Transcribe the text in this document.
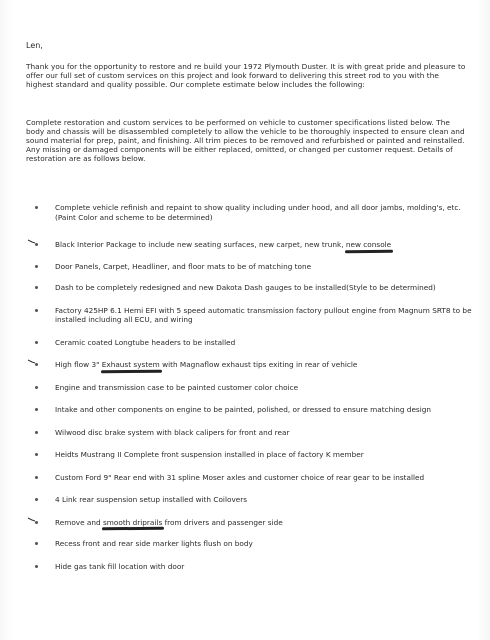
Len,
Thank you for the opportunity to restore and re build your 1972 Plymouth Duster. It is with great pride and pleasure to offer our full set of custom services on this project and look forward to delivering this street rod to you with the highest standard and quality possible. Our complete estimate below includes the following:
Complete restoration and custom services to be performed on vehicle to customer specifications listed below. The body and chassis will be disassembled completely to allow the vehicle to be thoroughly inspected to ensure clean and sound material for prep, paint, and finishing. All trim pieces to be removed and refurbished or painted and reinstalled. Any missing or damaged components will be either replaced, omitted, or changed per customer request. Details of restoration are as follows below.
Complete vehicle refinish and repaint to show quality including under hood, and all door jambs, molding's, etc. (Paint Color and scheme to be determined)
Black Interior Package to include new seating surfaces, new carpet, new trunk, new console
Door Panels, Carpet, Headliner, and floor mats to be of matching tone
Dash to be completely redesigned and new Dakota Dash gauges to be installed(Style to be determined)
Factory 425HP 6.1 Hemi EFI with 5 speed automatic transmission factory pullout engine from Magnum SRT8 to be installed including all ECU, and wiring
Ceramic coated Longtube headers to be installed
High flow 3" Exhaust system with Magnaflow exhaust tips exiting in rear of vehicle
Engine and transmission case to be painted customer color choice
Intake and other components on engine to be painted, polished, or dressed to ensure matching design
Wilwood disc brake system with black calipers for front and rear
Heidts Mustrang II Complete front suspension installed in place of factory K member
Custom Ford 9" Rear end with 31 spline Moser axles and customer choice of rear gear to be installed
4 Link rear suspension setup installed with Coilovers
Remove and smooth driprails from drivers and passenger side
Recess front and rear side marker lights flush on body
Hide gas tank fill location with door
